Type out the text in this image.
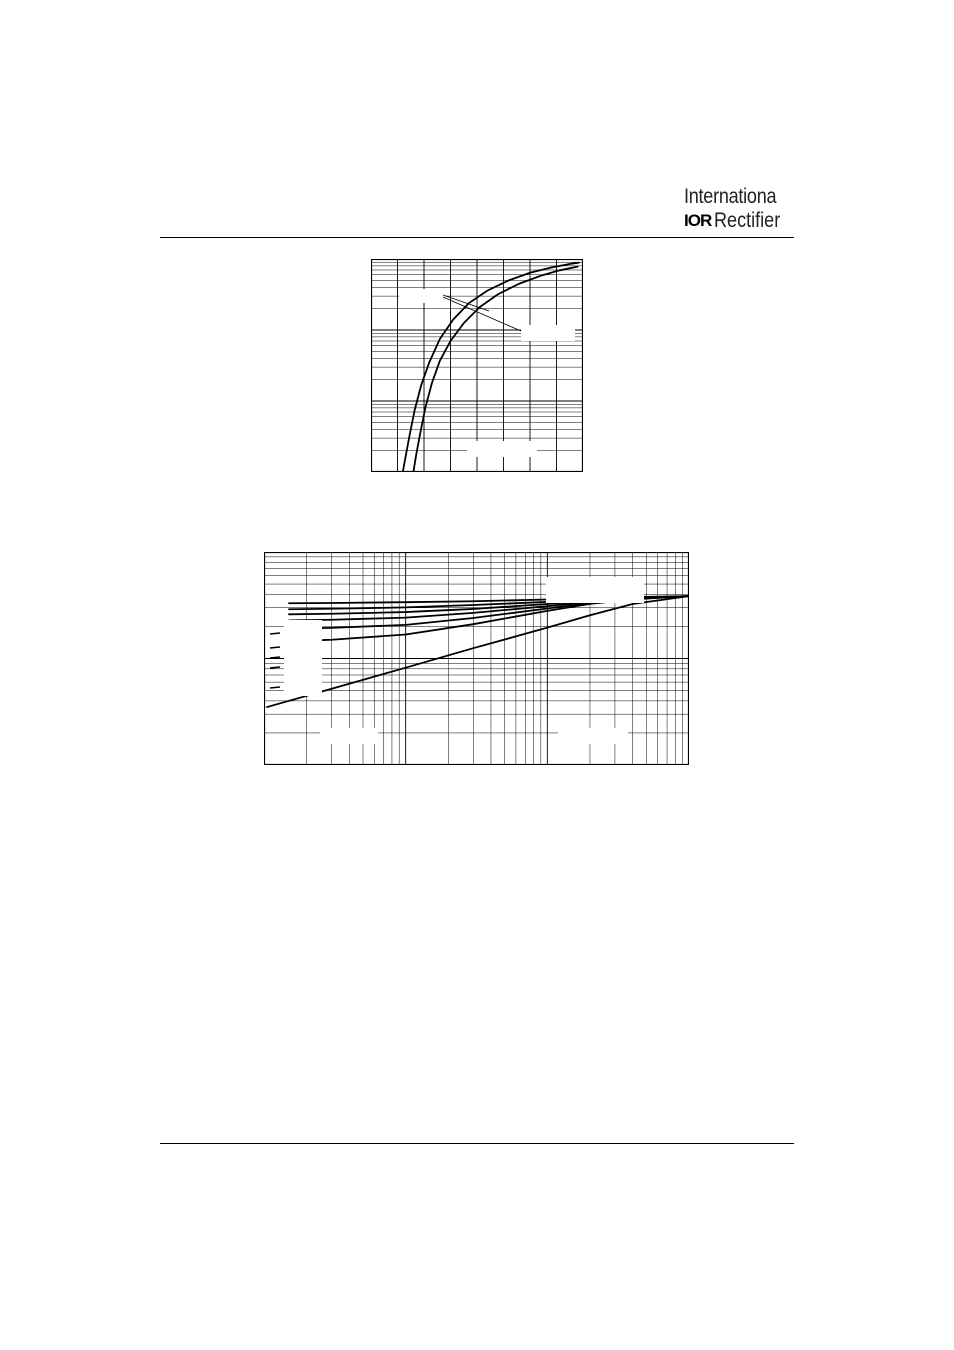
Internationa
IOR Rectifier
